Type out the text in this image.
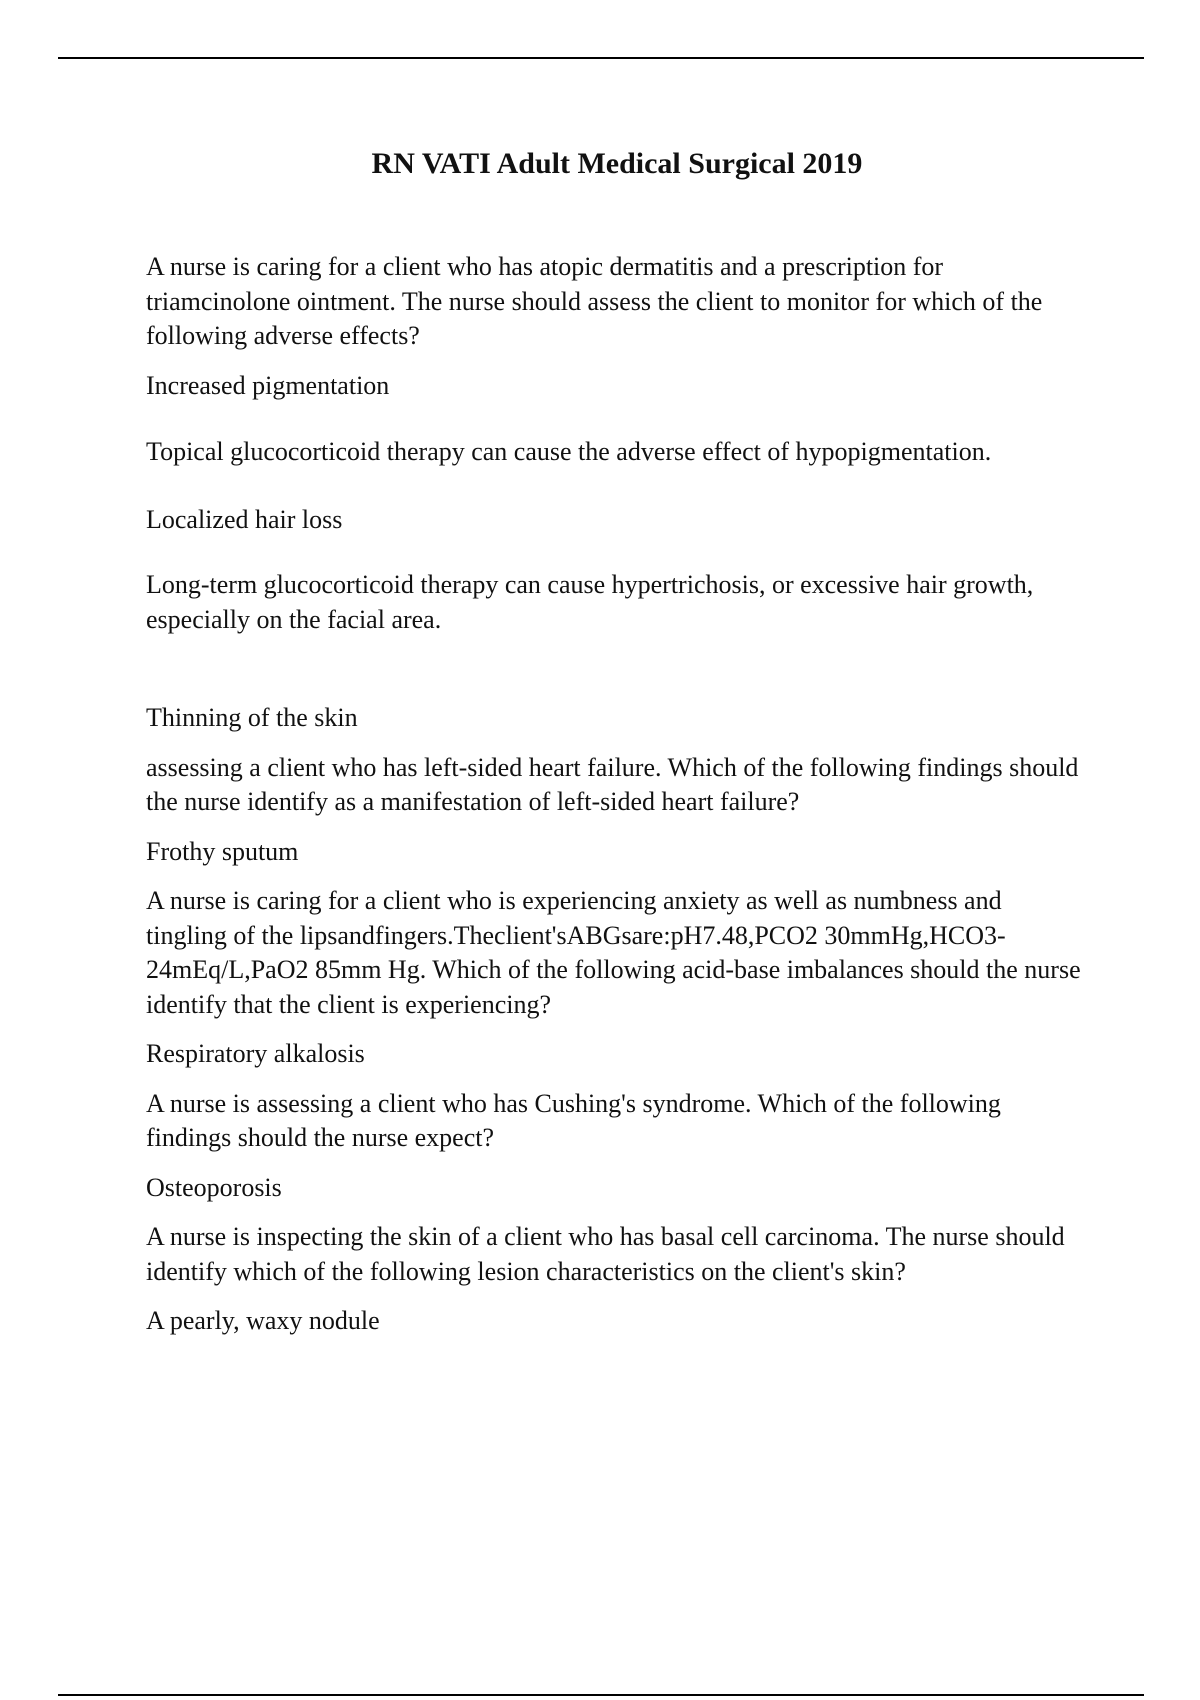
RN VATI Adult Medical Surgical 2019

A nurse is caring for a client who has atopic dermatitis and a prescription for triamcinolone ointment. The nurse should assess the client to monitor for which of the following adverse effects?

Increased pigmentation

Topical glucocorticoid therapy can cause the adverse effect of hypopigmentation.

Localized hair loss

Long-term glucocorticoid therapy can cause hypertrichosis, or excessive hair growth, especially on the facial area.

Thinning of the skin

assessing a client who has left-sided heart failure. Which of the following findings should the nurse identify as a manifestation of left-sided heart failure?

Frothy sputum

A nurse is caring for a client who is experiencing anxiety as well as numbness and tingling of the lipsandfingers.Theclient'sABGsare:pH7.48,PCO2 30mmHg,HCO3- 24mEq/L,PaO2 85mm Hg. Which of the following acid-base imbalances should the nurse identify that the client is experiencing?

Respiratory alkalosis

A nurse is assessing a client who has Cushing's syndrome. Which of the following findings should the nurse expect?

Osteoporosis

A nurse is inspecting the skin of a client who has basal cell carcinoma. The nurse should identify which of the following lesion characteristics on the client's skin?

A pearly, waxy nodule
